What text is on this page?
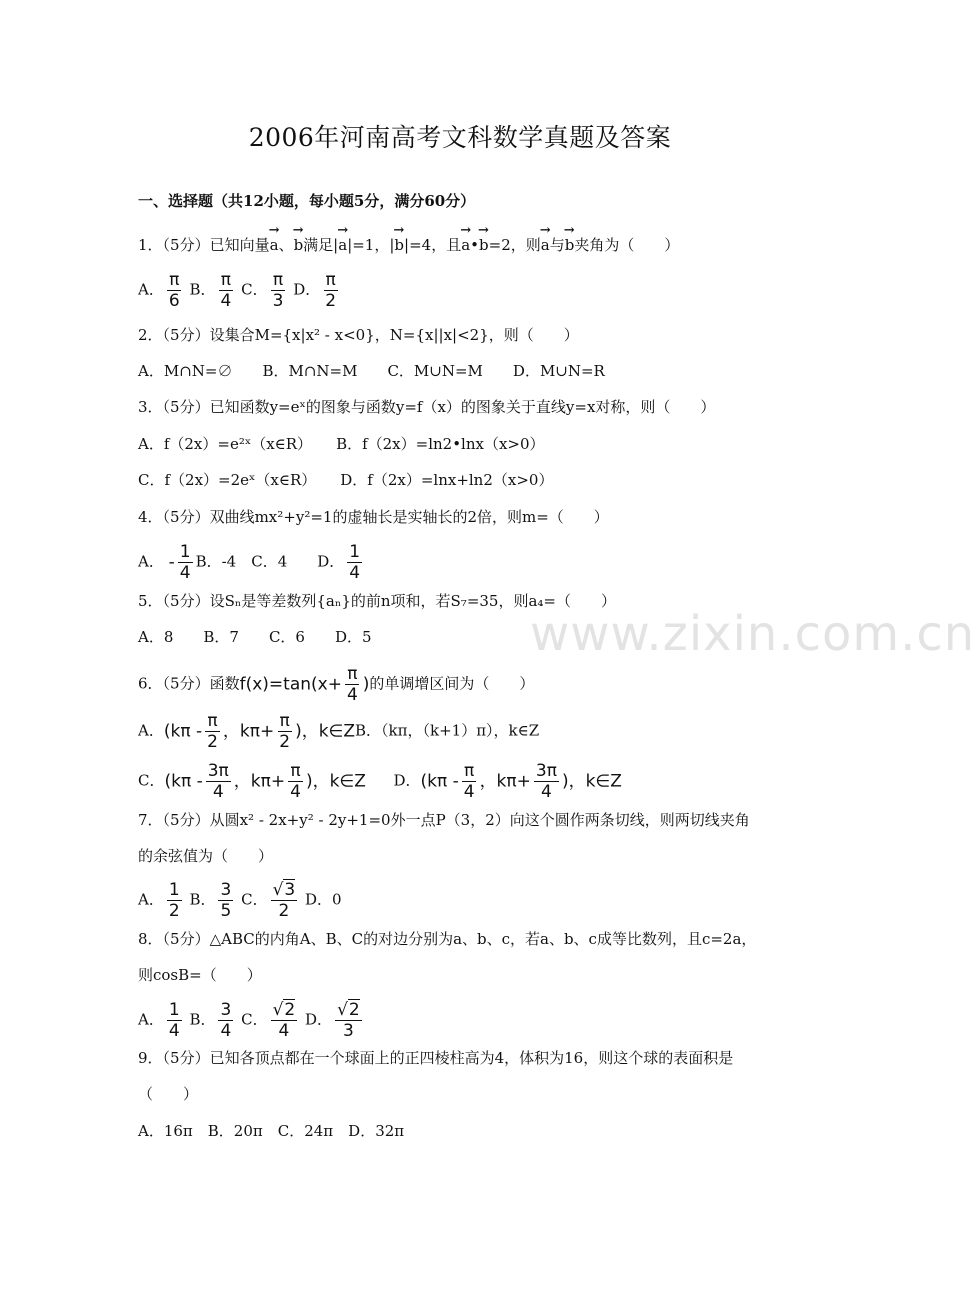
www.zixin.com.cn
2006年河南高考文科数学真题及答案
一、选择题（共12小题，每小题5分，满分60分）
1．（5分）已知向量→ a、→ b满足|→ a|=1，|→ b|=4，且→ a•→ b=2，则→ a与→ b夹角为（　　）
A． $\frac{\pi}{6}$ B． $\frac{\pi}{4}$ C． $\frac{\pi}{3}$ D． $\frac{\pi}{2}$
2．（5分）设集合M={x|x² - x<0}，N={x||x|<2}，则（　　）
A．M∩N=∅　　B．M∩N=M　　C．M∪N=M　　D．M∪N=R
3．（5分）已知函数y=eˣ的图象与函数y=f（x）的图象关于直线y=x对称，则（　　）
A．f（2x）=e²ˣ（x∈R） B．f（2x）=ln2•lnx（x>0）
C．f（2x）=2eˣ（x∈R） D．f（2x）=lnx+ln2（x>0）
4．（5分）双曲线mx²+y²=1的虚轴长是实轴长的2倍，则m=（　　）
A． - $\frac{1}{4}$ B．-4　C．4　　D． $\frac{1}{4}$
5．（5分）设Sₙ是等差数列{aₙ}的前n项和，若S₇=35，则a₄=（　　）
A．8　　B．7　　C．6　　D．5
6．（5分）函数$f(x)=\tan(x+ \frac{\pi}{4}$ )的单调增区间为（　　）
A．($k\pi - \frac{\pi}{2}$ ，$k\pi+ \frac{\pi}{2}$ )，k∈ZB．（kπ，（k+1）π），k∈Z
C．($k\pi - \frac{3\pi}{4}$ ，$k\pi+ \frac{\pi}{4}$ )，k∈Z D．($k\pi - \frac{\pi}{4}$ ，$k\pi+ \frac{3\pi}{4}$ )，k∈Z
7．（5分）从圆x² - 2x+y² - 2y+1=0外一点P（3，2）向这个圆作两条切线，则两切线夹角
的余弦值为（　　）
A． $\frac{1}{2}$ B． $\frac{3}{5}$ C． $\frac{√3}{2}$ D．0
8．（5分）△ABC的内角A、B、C的对边分别为a、b、c，若a、b、c成等比数列，且c=2a，
则cosB=（　　）
A． $\frac{1}{4}$ B． $\frac{3}{4}$ C． $\frac{√2}{4}$ D． $\frac{√2}{3}$
9．（5分）已知各顶点都在一个球面上的正四棱柱高为4，体积为16，则这个球的表面积是
（　　）
A．16π　B．20π　C．24π　D．32π
